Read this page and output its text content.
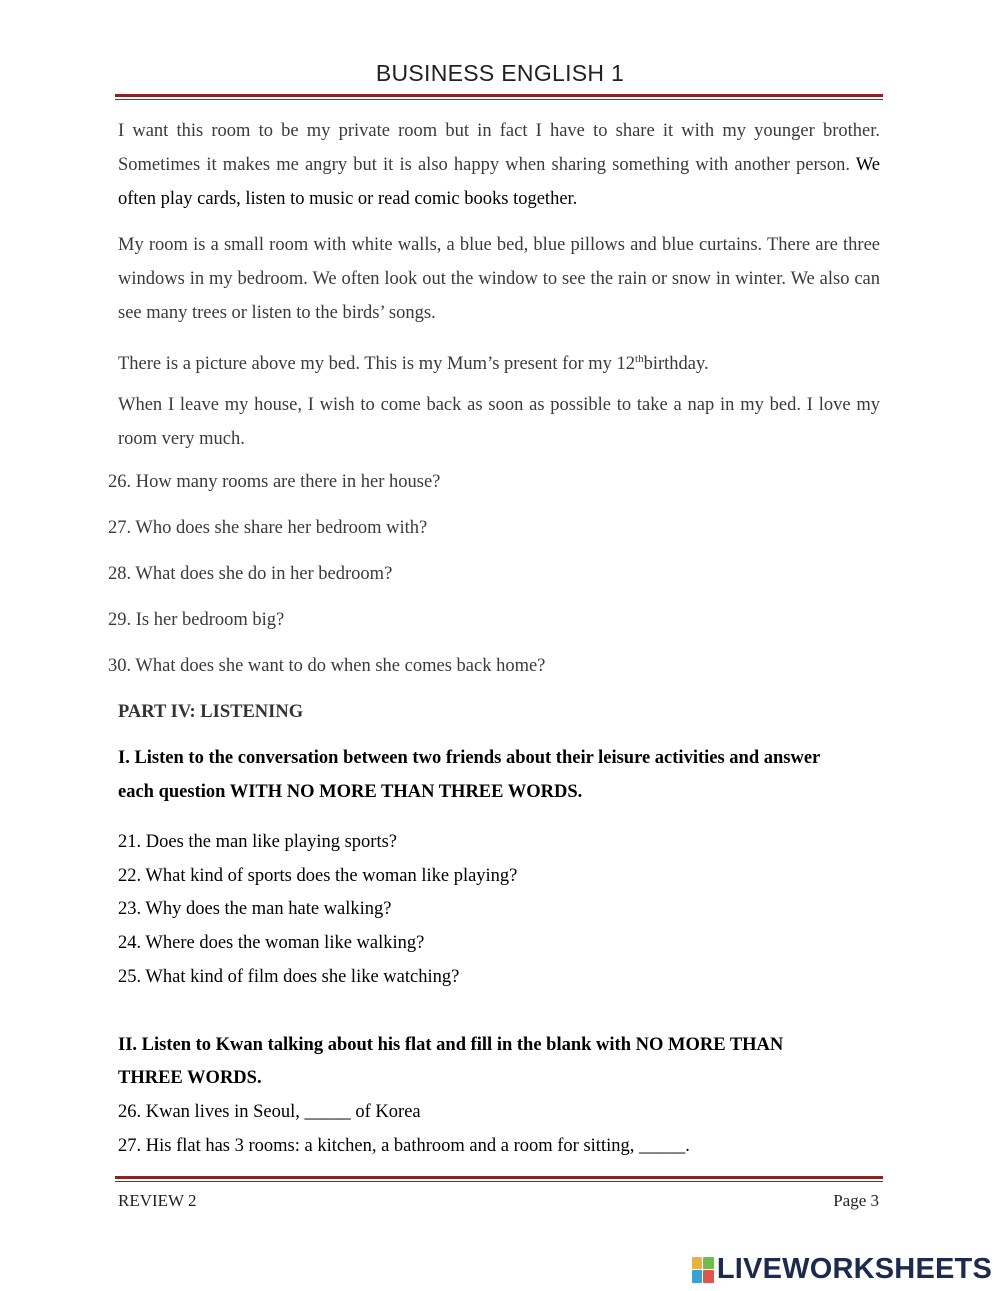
BUSINESS ENGLISH 1
I want this room to be my private room but in fact I have to share it with my younger brother. Sometimes it makes me angry but it is also happy when sharing something with another person. We often play cards, listen to music or read comic books together.
My room is a small room with white walls, a blue bed, blue pillows and blue curtains. There are three windows in my bedroom. We often look out the window to see the rain or snow in winter. We also can see many trees or listen to the birds’ songs.
There is a picture above my bed. This is my Mum’s present for my 12thbirthday.
When I leave my house, I wish to come back as soon as possible to take a nap in my bed. I love my room very much.
26. How many rooms are there in her house?
27. Who does she share her bedroom with?
28. What does she do in her bedroom?
29. Is her bedroom big?
30. What does she want to do when she comes back home?
PART IV: LISTENING
I. Listen to the conversation between two friends about their leisure activities and answer
each question WITH NO MORE THAN THREE WORDS.
21. Does the man like playing sports?
22. What kind of sports does the woman like playing?
23. Why does the man hate walking?
24. Where does the woman like walking?
25. What kind of film does she like watching?
II. Listen to Kwan talking about his flat and fill in the blank with NO MORE THAN
THREE WORDS.
26. Kwan lives in Seoul, _____ of Korea
27. His flat has 3 rooms: a kitchen, a bathroom and a room for sitting, _____.
REVIEW 2	Page 3
LIVEWORKSHEETS
